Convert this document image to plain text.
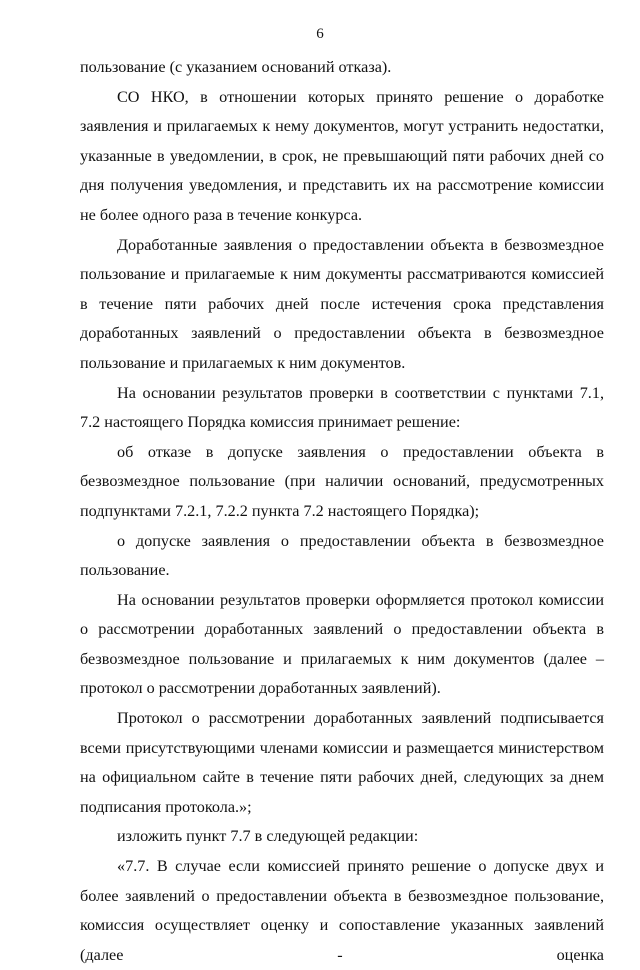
6

пользование (с указанием оснований отказа).

СО НКО, в отношении которых принято решение о доработке заявления и прилагаемых к нему документов, могут устранить недостатки, указанные в уведомлении, в срок, не превышающий пяти рабочих дней со дня получения уведомления, и представить их на рассмотрение комиссии не более одного раза в течение конкурса.

Доработанные заявления о предоставлении объекта в безвозмездное пользование и прилагаемые к ним документы рассматриваются комиссией в течение пяти рабочих дней после истечения срока представления доработанных заявлений о предоставлении объекта в безвозмездное пользование и прилагаемых к ним документов.

На основании результатов проверки в соответствии с пунктами 7.1, 7.2 настоящего Порядка комиссия принимает решение:

об отказе в допуске заявления о предоставлении объекта в безвозмездное пользование (при наличии оснований, предусмотренных подпунктами 7.2.1, 7.2.2 пункта 7.2 настоящего Порядка);

о допуске заявления о предоставлении объекта в безвозмездное пользование.

На основании результатов проверки оформляется протокол комиссии о рассмотрении доработанных заявлений о предоставлении объекта в безвозмездное пользование и прилагаемых к ним документов (далее – протокол о рассмотрении доработанных заявлений).

Протокол о рассмотрении доработанных заявлений подписывается всеми присутствующими членами комиссии и размещается министерством на официальном сайте в течение пяти рабочих дней, следующих за днем подписания протокола.»;

изложить пункт 7.7 в следующей редакции:

«7.7. В случае если комиссией принято решение о допуске двух и более заявлений о предоставлении объекта в безвозмездное пользование, комиссия осуществляет оценку и сопоставление указанных заявлений (далее - оценка
